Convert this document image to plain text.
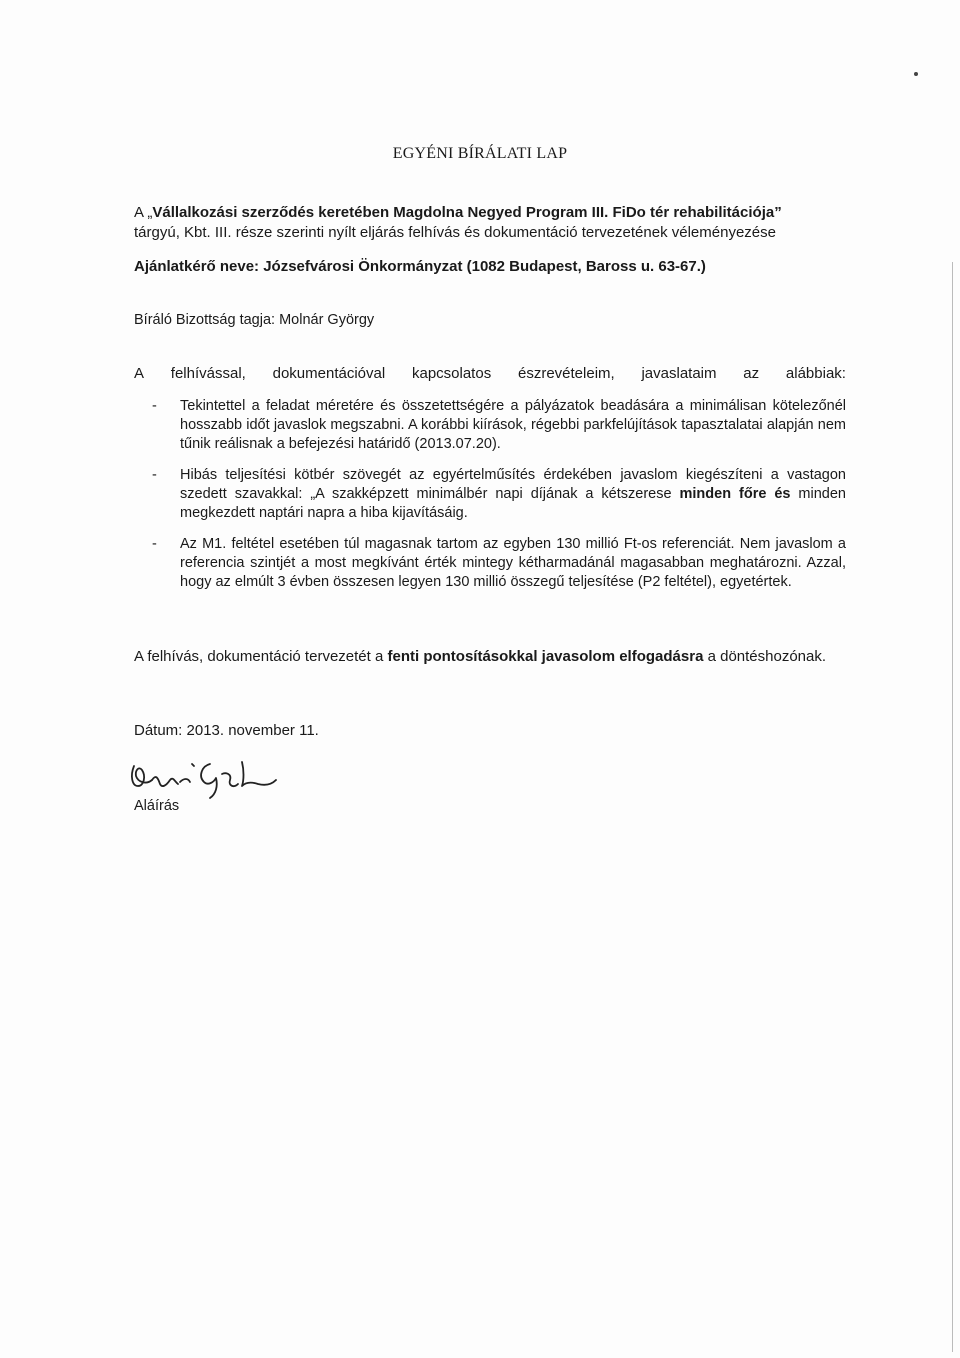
EGYÉNI BÍRÁLATI LAP
A „Vállalkozási szerződés keretében Magdolna Negyed Program III. FiDo tér rehabilitációja”
tárgyú, Kbt. III. része szerinti nyílt eljárás felhívás és dokumentáció tervezetének véleményezése
Ajánlatkérő neve: Józsefvárosi Önkormányzat (1082 Budapest, Baross u. 63-67.)
Bíráló Bizottság tagja: Molnár György
A felhívással, dokumentációval kapcsolatos észrevételeim, javaslataim az alábbiak:
- Tekintettel a feladat méretére és összetettségére a pályázatok beadására a minimálisan kötelezőnél hosszabb időt javaslok megszabni. A korábbi kiírások, régebbi parkfelújítások tapasztalatai alapján nem tűnik reálisnak a befejezési határidő (2013.07.20).
- Hibás teljesítési kötbér szövegét az egyértelműsítés érdekében javaslom kiegészíteni a vastagon szedett szavakkal: „A szakképzett minimálbér napi díjának a kétszerese minden főre és minden megkezdett naptári napra a hiba kijavításáig.
- Az M1. feltétel esetében túl magasnak tartom az egyben 130 millió Ft-os referenciát. Nem javaslom a referencia szintjét a most megkívánt érték mintegy kétharmadánál magasabban meghatározni. Azzal, hogy az elmúlt 3 évben összesen legyen 130 millió összegű teljesítése (P2 feltétel), egyetértek.
A felhívás, dokumentáció tervezetét a fenti pontosításokkal javasolom elfogadásra a döntéshozónak.
Dátum: 2013. november 11.
Aláírás
